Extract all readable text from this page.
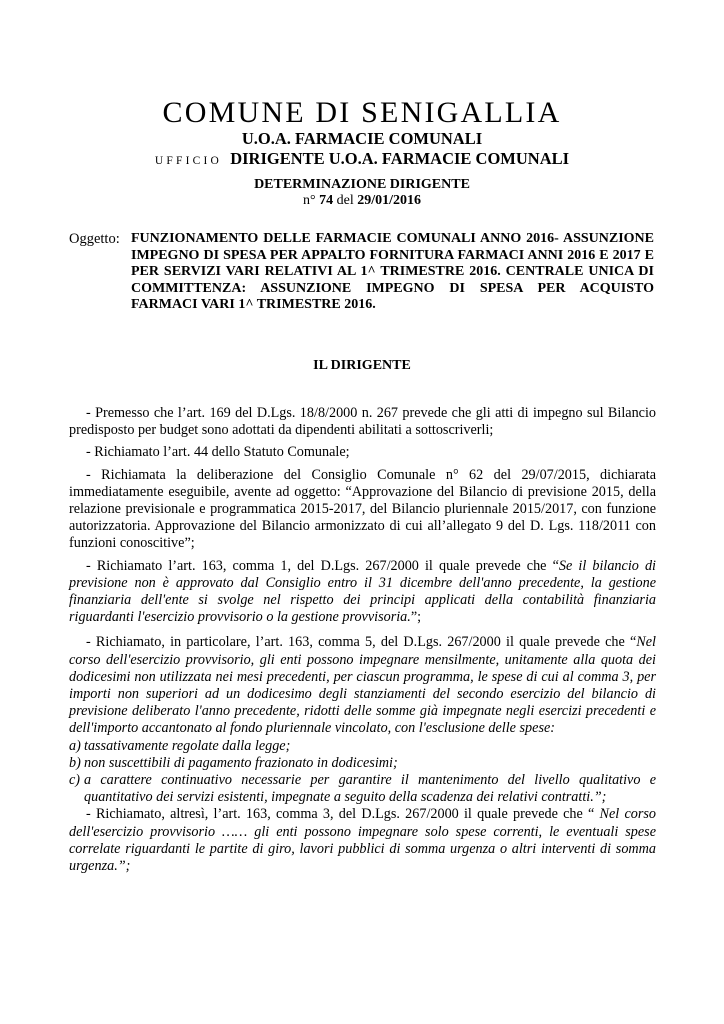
COMUNE DI SENIGALLIA
U.O.A. FARMACIE COMUNALI
UFFICIO DIRIGENTE U.O.A. FARMACIE COMUNALI
DETERMINAZIONE DIRIGENTE
n° 74 del 29/01/2016
Oggetto: FUNZIONAMENTO DELLE FARMACIE COMUNALI ANNO 2016- ASSUNZIONE IMPEGNO DI SPESA PER APPALTO FORNITURA FARMACI ANNI 2016 E 2017 E PER SERVIZI VARI RELATIVI AL 1^ TRIMESTRE 2016. CENTRALE UNICA DI COMMITTENZA: ASSUNZIONE IMPEGNO DI SPESA PER ACQUISTO FARMACI VARI 1^ TRIMESTRE 2016.
IL DIRIGENTE

- Premesso che l’art. 169 del D.Lgs. 18/8/2000 n. 267 prevede che gli atti di impegno sul Bilancio predisposto per budget sono adottati da dipendenti abilitati a sottoscriverli;

- Richiamato l’art. 44 dello Statuto Comunale;

- Richiamata la deliberazione del Consiglio Comunale n° 62 del 29/07/2015, dichiarata immediatamente eseguibile, avente ad oggetto: “Approvazione del Bilancio di previsione 2015, della relazione previsionale e programmatica 2015-2017, del Bilancio pluriennale 2015/2017, con funzione autorizzatoria. Approvazione del Bilancio armonizzato di cui all’allegato 9 del D. Lgs. 118/2011 con funzioni conoscitive”;

- Richiamato l’art. 163, comma 1, del D.Lgs. 267/2000 il quale prevede che “Se il bilancio di previsione non è approvato dal Consiglio entro il 31 dicembre dell'anno precedente, la gestione finanziaria dell'ente si svolge nel rispetto dei principi applicati della contabilità finanziaria riguardanti l'esercizio provvisorio o la gestione provvisoria.”;

- Richiamato, in particolare, l’art. 163, comma 5, del D.Lgs. 267/2000 il quale prevede che “Nel corso dell'esercizio provvisorio, gli enti possono impegnare mensilmente, unitamente alla quota dei dodicesimi non utilizzata nei mesi precedenti, per ciascun programma, le spese di cui al comma 3, per importi non superiori ad un dodicesimo degli stanziamenti del secondo esercizio del bilancio di previsione deliberato l'anno precedente, ridotti delle somme già impegnate negli esercizi precedenti e dell'importo accantonato al fondo pluriennale vincolato, con l'esclusione delle spese:

a) tassativamente regolate dalla legge;
b) non suscettibili di pagamento frazionato in dodicesimi;
c) a carattere continuativo necessarie per garantire il mantenimento del livello qualitativo e quantitativo dei servizi esistenti, impegnate a seguito della scadenza dei relativi contratti.”;

- Richiamato, altresì, l’art. 163, comma 3, del D.Lgs. 267/2000 il quale prevede che “ Nel corso dell'esercizio provvisorio …… gli enti possono impegnare solo spese correnti, le eventuali spese correlate riguardanti le partite di giro, lavori pubblici di somma urgenza o altri interventi di somma urgenza.”;
